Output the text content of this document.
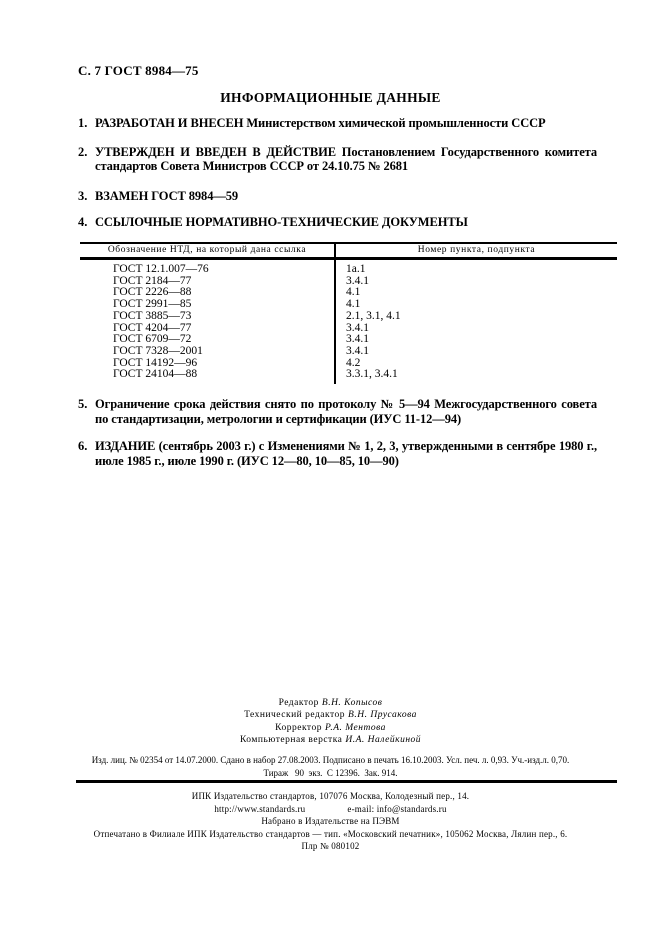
С. 7 ГОСТ 8984—75
ИНФОРМАЦИОННЫЕ ДАННЫЕ
1. РАЗРАБОТАН И ВНЕСЕН Министерством химической промышленности СССР
2. УТВЕРЖДЕН И ВВЕДЕН В ДЕЙСТВИЕ Постановлением Государственного комитета стандартов Совета Министров СССР от 24.10.75 № 2681
3. ВЗАМЕН ГОСТ 8984—59
4. ССЫЛОЧНЫЕ НОРМАТИВНО-ТЕХНИЧЕСКИЕ ДОКУМЕНТЫ
Обозначение НТД, на который дана ссылка	Номер пункта, подпункта
ГОСТ 12.1.007—76	1а.1
ГОСТ 2184—77	3.4.1
ГОСТ 2226—88	4.1
ГОСТ 2991—85	4.1
ГОСТ 3885—73	2.1, 3.1, 4.1
ГОСТ 4204—77	3.4.1
ГОСТ 6709—72	3.4.1
ГОСТ 7328—2001	3.4.1
ГОСТ 14192—96	4.2
ГОСТ 24104—88	3.3.1, 3.4.1
5. Ограничение срока действия снято по протоколу № 5—94 Межгосударственного совета по стандартизации, метрологии и сертификации (ИУС 11-12—94)
6. ИЗДАНИЕ (сентябрь 2003 г.) с Изменениями № 1, 2, 3, утвержденными в сентябре 1980 г., июле 1985 г., июле 1990 г. (ИУС 12—80, 10—85, 10—90)
Редактор В.Н. Копысов
Технический редактор В.Н. Прусакова
Корректор Р.А. Ментова
Компьютерная верстка И.А. Налейкиной
Изд. лиц. № 02354 от 14.07.2000. Сдано в набор 27.08.2003. Подписано в печать 16.10.2003. Усл. печ. л. 0,93. Уч.-изд.л. 0,70.
Тираж   90  экз.  С 12396.  Зак. 914.
ИПК Издательство стандартов, 107076 Москва, Колодезный пер., 14.
http://www.standards.ru	e-mail: info@standards.ru
Набрано в Издательстве на ПЭВМ
Отпечатано в Филиале ИПК Издательство стандартов — тип. «Московский печатник», 105062 Москва, Лялин пер., 6.
Плр № 080102
